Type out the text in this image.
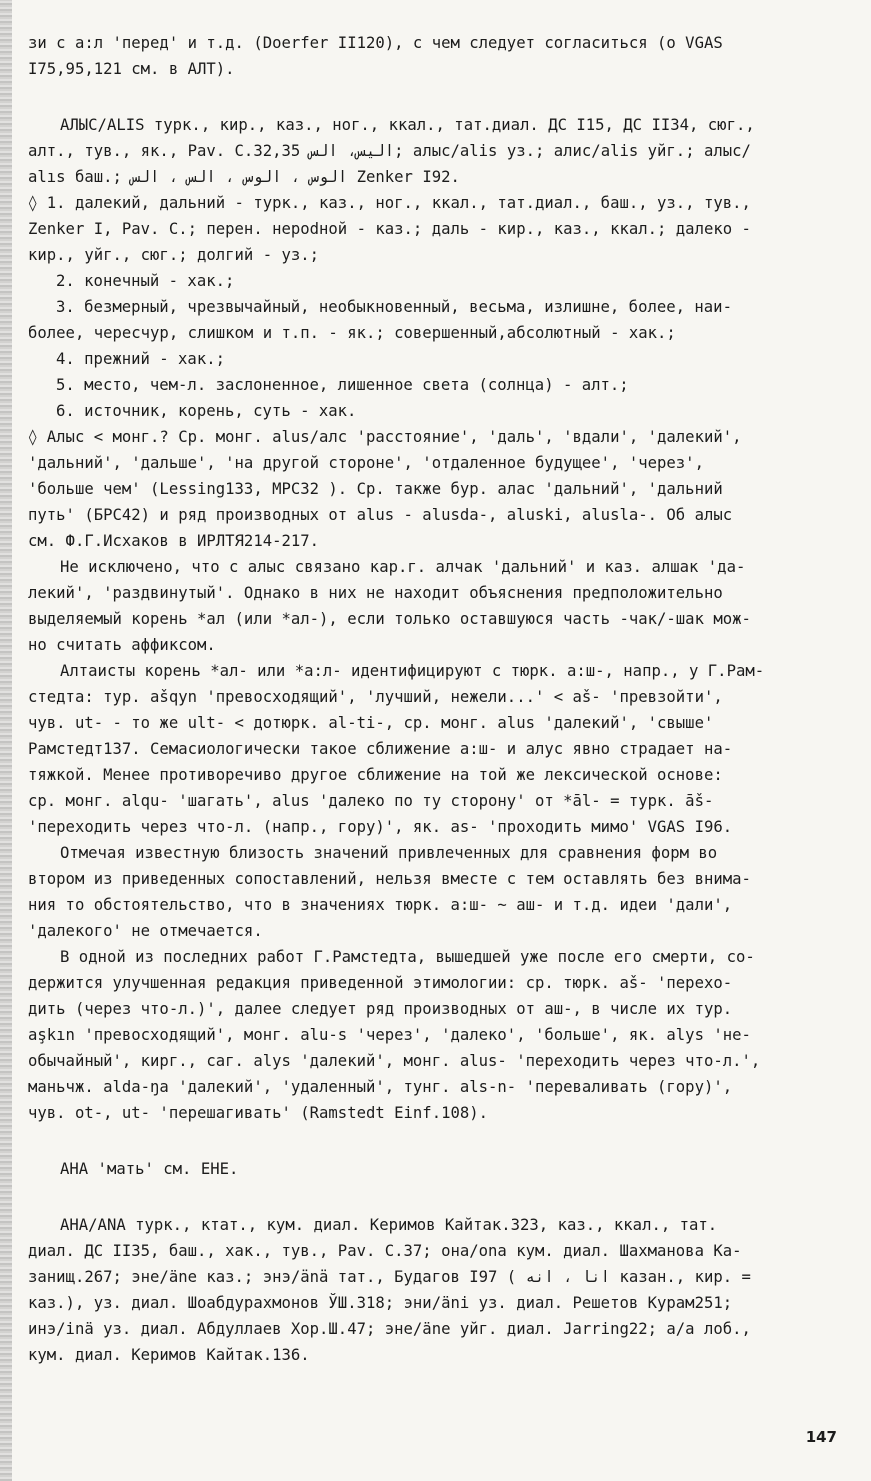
зи с а:л 'перед' и т.д. (Doerfer II120), с чем следует согласиться (о VGAS
I75,95,121 см. в АЛТ).
АЛЫС/ALIS турк., кир., каз., ног., ккал., тат.диал. ДС I15, ДС II34, сюг.,
алт., тув., як., Pav. C.32,35 الیس، الس; алыс/alis уз.; алис/alis уйг.; алыс/
alıs баш.; الوس ، الوس ، الس ، الس Zenker I92.
◊ 1. далекий, дальний - турк., каз., ног., ккал., тат.диал., баш., уз., тув.,
Zenker I, Pav. C.; перен. нерodной - каз.; даль - кир., каз., ккал.; далеко -
кир., уйг., сюг.; долгий - уз.;
2. конечный - хак.;
3. безмерный, чрезвычайный, необыкновенный, весьма, излишне, более, наи-
более, чересчур, слишком и т.п. - як.; совершенный,абсолютный - хак.;
4. прежний - хак.;
5. место, чем-л. заслоненное, лишенное света (солнца) - алт.;
6. источник, корень, суть - хак.
◊ Алыс < монг.? Ср. монг. alus/алс 'расстояние', 'даль', 'вдали', 'далекий',
'дальний', 'дальше', 'на другой стороне', 'отдаленное будущее', 'через',
'больше чем' (Lessing133, МРС32 ). Ср. также бур. алас 'дальний', 'дальний
путь' (БРС42) и ряд производных от alus - alusda-, aluski, alusla-. Об алыс
см. Ф.Г.Исхаков в ИРЛТЯ214-217.
Не исключено, что с алыс связано кар.г. алчак 'дальний' и каз. алшак 'да-
лекий', 'раздвинутый'. Однако в них не находит объяснения предположительно
выделяемый корень *ал (или *ал-), если только оставшуюся часть -чак/-шак мож-
но считать аффиксом.
Алтаисты корень *ал- или *а:л- идентифицируют с тюрк. а:ш-, напр., у Г.Рам-
стедта: тур. ašqyn 'превосходящий', 'лучший, нежели...' < aš- 'превзойти',
чув. ut- - то же ult- < дотюрк. al-ti-, ср. монг. alus 'далекий', 'свыше'
Рамстедт137. Семасиологически такое сближение а:ш- и алус явно страдает на-
тяжкой. Менее противоречиво другое сближение на той же лексической основе:
ср. монг. alqu- 'шагать', alus 'далеко по ту сторону' от *āl- = турк. āš-
'переходить через что-л. (напр., гору)', як. аs- 'проходить мимо' VGAS I96.
Отмечая известную близость значений привлеченных для сравнения форм во
втором из приведенных сопоставлений, нельзя вместе с тем оставлять без внима-
ния то обстоятельство, что в значениях тюрк. а:ш- ~ аш- и т.д. идеи 'дали',
'далекого' не отмечается.
В одной из последних работ Г.Рамстедта, вышедшей уже после его смерти, со-
держится улучшенная редакция приведенной этимологии: ср. тюрк. aš- 'перехо-
дить (через что-л.)', далее следует ряд производных от аш-, в числе их тур.
aşkın 'превосходящий', монг. alu-s 'через', 'далеко', 'больше', як. alys 'не-
обычайный', кирг., саг. alys 'далекий', монг. alus- 'переходить через что-л.',
маньчж. alda-ŋa 'далекий', 'удаленный', тунг. als-n- 'переваливать (гору)',
чув. ot-, ut- 'перешагивать' (Ramstedt Einf.108).
АНА 'мать' см. ЕНЕ.
АНА/ANA турк., ктат., кум. диал. Керимов Кайтак.323, каз., ккал., тат.
диал. ДС II35, баш., хак., тув., Pav. C.37; она/ona кум. диал. Шахманова Ка-
занищ.267; эне/äne каз.; энэ/ӓnӓ тат., Будагов I97 ( انا ، انه казан., кир. =
каз.), уз. диал. Шоабдурахмонов ЎШ.318; эни/äni уз. диал. Решетов Курам251;
инэ/inä уз. диал. Абдуллаев Хор.Ш.47; эне/äne уйг. диал. Jarring22; а/a лоб.,
кум. диал. Керимов Кайтак.136.
147
